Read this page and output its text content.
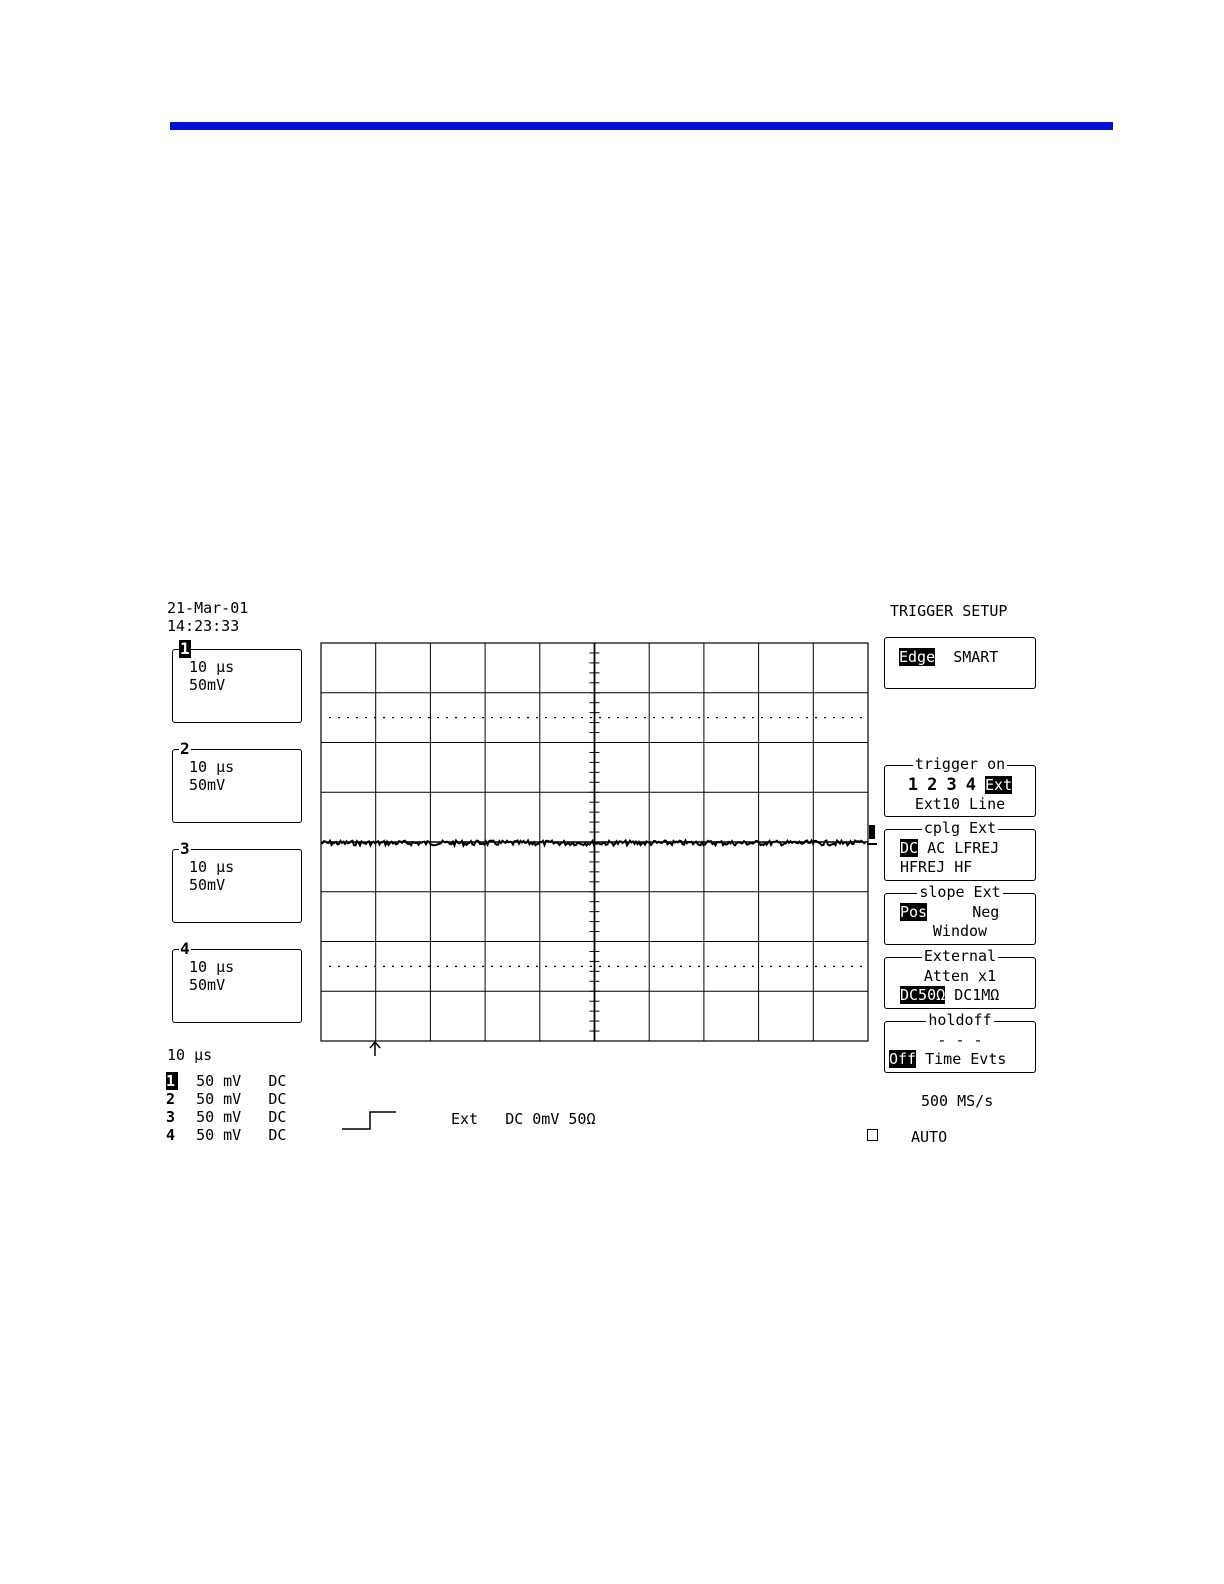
21-Mar-01
14:23:33
TRIGGER SETUP
1
10 μs
50mV
2
10 μs
50mV
3
10 μs
50mV
4
10 μs
50mV
10 μs
1 50 mV DC
2 50 mV DC
3 50 mV DC
4 50 mV DC
Ext DC 0mV 50Ω
500 MS/s
AUTO
Edge SMART
trigger on
1 2 3 4 Ext
Ext10 Line
cplg Ext
DC AC LFREJ
HFREJ HF
slope Ext
Pos	Neg
Window
External
Atten x1
DC50Ω DC1MΩ
holdoff
- - -
Off Time Evts
